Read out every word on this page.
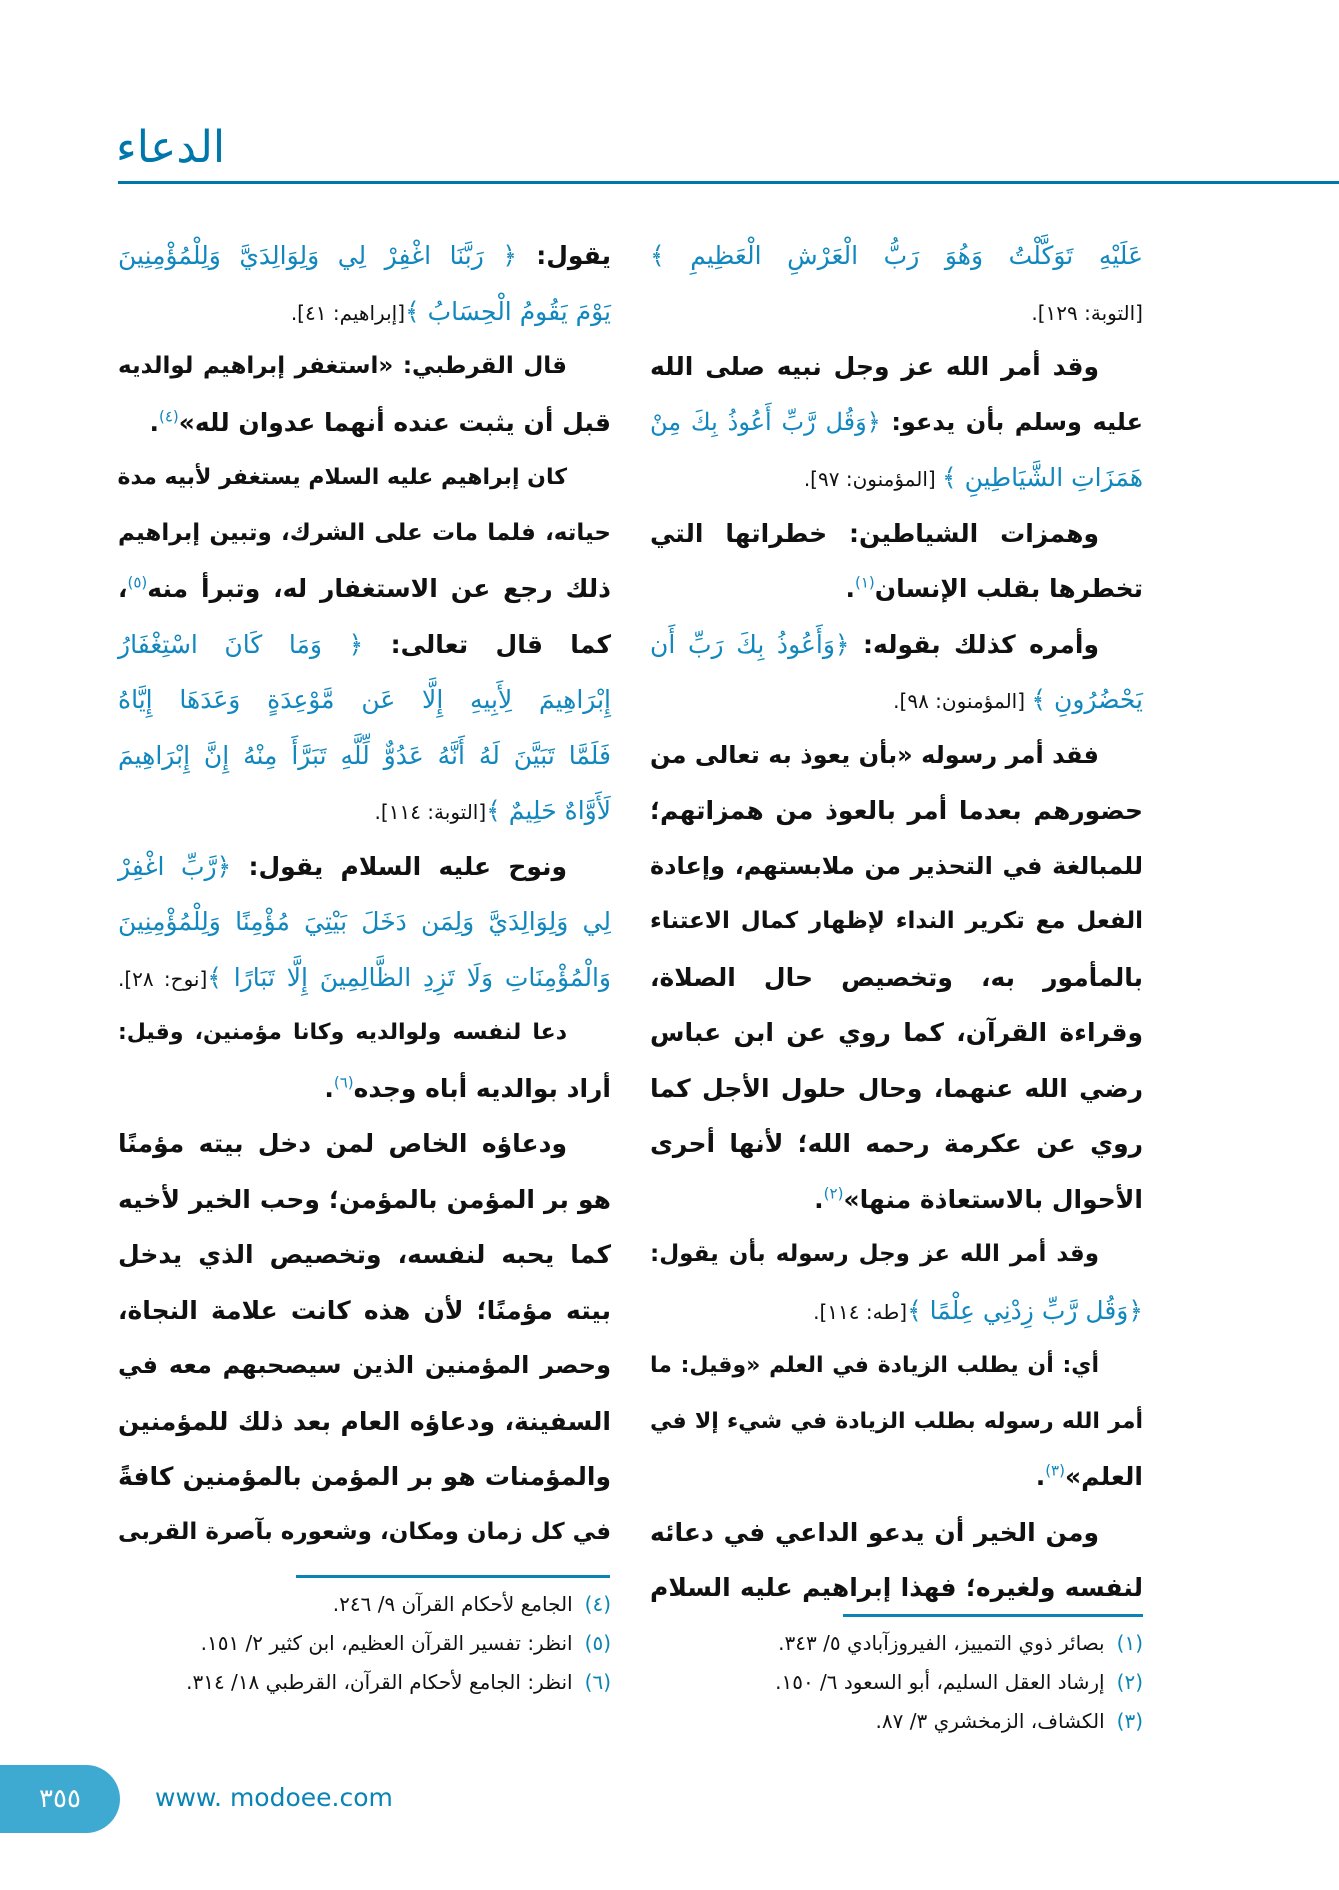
الدعاء
عَلَيْهِ تَوَكَّلْتُ وَهُوَ رَبُّ الْعَرْشِ الْعَظِيمِ ﴾
[التوبة: ١٢٩].
وقد أمر الله عز وجل نبيه صلى الله
عليه وسلم بأن يدعو: ﴿وَقُل رَّبِّ أَعُوذُ بِكَ مِنْ
هَمَزَاتِ الشَّيَاطِينِ ﴾ [المؤمنون: ٩٧].
وهمزات الشياطين: خطراتها التي
تخطرها بقلب الإنسان$^{(١)}$.
وأمره كذلك بقوله: ﴿وَأَعُوذُ بِكَ رَبِّ أَن
يَحْضُرُونِ ﴾ [المؤمنون: ٩٨].
فقد أمر رسوله «بأن يعوذ به تعالى من
حضورهم بعدما أمر بالعوذ من همزاتهم؛
للمبالغة في التحذير من ملابستهم، وإعادة
الفعل مع تكرير النداء لإظهار كمال الاعتناء
بالمأمور به، وتخصيص حال الصلاة،
وقراءة القرآن، كما روي عن ابن عباس
رضي الله عنهما، وحال حلول الأجل كما
روي عن عكرمة رحمه الله؛ لأنها أحرى
الأحوال بالاستعاذة منها»$^{(٢)}$.
وقد أمر الله عز وجل رسوله بأن يقول:
﴿وَقُل رَّبِّ زِدْنِي عِلْمًا ﴾[طه: ١١٤].
أي: أن يطلب الزيادة في العلم «وقيل: ما
أمر الله رسوله بطلب الزيادة في شيء إلا في
العلم»$^{(٣)}$.
ومن الخير أن يدعو الداعي في دعائه
لنفسه ولغيره؛ فهذا إبراهيم عليه السلام
يقول: ﴿ رَبَّنَا اغْفِرْ لِي وَلِوَالِدَيَّ وَلِلْمُؤْمِنِينَ
يَوْمَ يَقُومُ الْحِسَابُ ﴾[إبراهيم: ٤١].
قال القرطبي: «استغفر إبراهيم لوالديه
قبل أن يثبت عنده أنهما عدوان لله»$^{(٤)}$.
كان إبراهيم عليه السلام يستغفر لأبيه مدة
حياته، فلما مات على الشرك، وتبين إبراهيم
ذلك رجع عن الاستغفار له، وتبرأ منه$^{(٥)}$،
كما قال تعالى: ﴿ وَمَا كَانَ اسْتِغْفَارُ
إِبْرَاهِيمَ لِأَبِيهِ إِلَّا عَن مَّوْعِدَةٍ وَعَدَهَا إِيَّاهُ
فَلَمَّا تَبَيَّنَ لَهُ أَنَّهُ عَدُوٌّ لِّلَّهِ تَبَرَّأَ مِنْهُ إِنَّ إِبْرَاهِيمَ
لَأَوَّاهٌ حَلِيمٌ ﴾[التوبة: ١١٤].
ونوح عليه السلام يقول: ﴿رَّبِّ اغْفِرْ
لِي وَلِوَالِدَيَّ وَلِمَن دَخَلَ بَيْتِيَ مُؤْمِنًا وَلِلْمُؤْمِنِينَ
وَالْمُؤْمِنَاتِ وَلَا تَزِدِ الظَّالِمِينَ إِلَّا تَبَارًا ﴾[نوح: ٢٨].
دعا لنفسه ولوالديه وكانا مؤمنين، وقيل:
أراد بوالديه أباه وجده$^{(٦)}$.
ودعاؤه الخاص لمن دخل بيته مؤمنًا
هو بر المؤمن بالمؤمن؛ وحب الخير لأخيه
كما يحبه لنفسه، وتخصيص الذي يدخل
بيته مؤمنًا؛ لأن هذه كانت علامة النجاة،
وحصر المؤمنين الذين سيصحبهم معه في
السفينة، ودعاؤه العام بعد ذلك للمؤمنين
والمؤمنات هو بر المؤمن بالمؤمنين كافةً
في كل زمان ومكان، وشعوره بآصرة القربى
(١)
بصائر ذوي التمييز، الفيروزآبادي ٥/ ٣٤٣.
(٢)
إرشاد العقل السليم، أبو السعود ٦/ ١٥٠.
(٣)
الكشاف، الزمخشري ٣/ ٨٧.
(٤)
الجامع لأحكام القرآن ٩/ ٢٤٦.
(٥)
انظر: تفسير القرآن العظيم، ابن كثير ٢/ ١٥١.
(٦)
انظر: الجامع لأحكام القرآن، القرطبي ١٨/ ٣١٤.
٣٥٥	www. modoee.com
